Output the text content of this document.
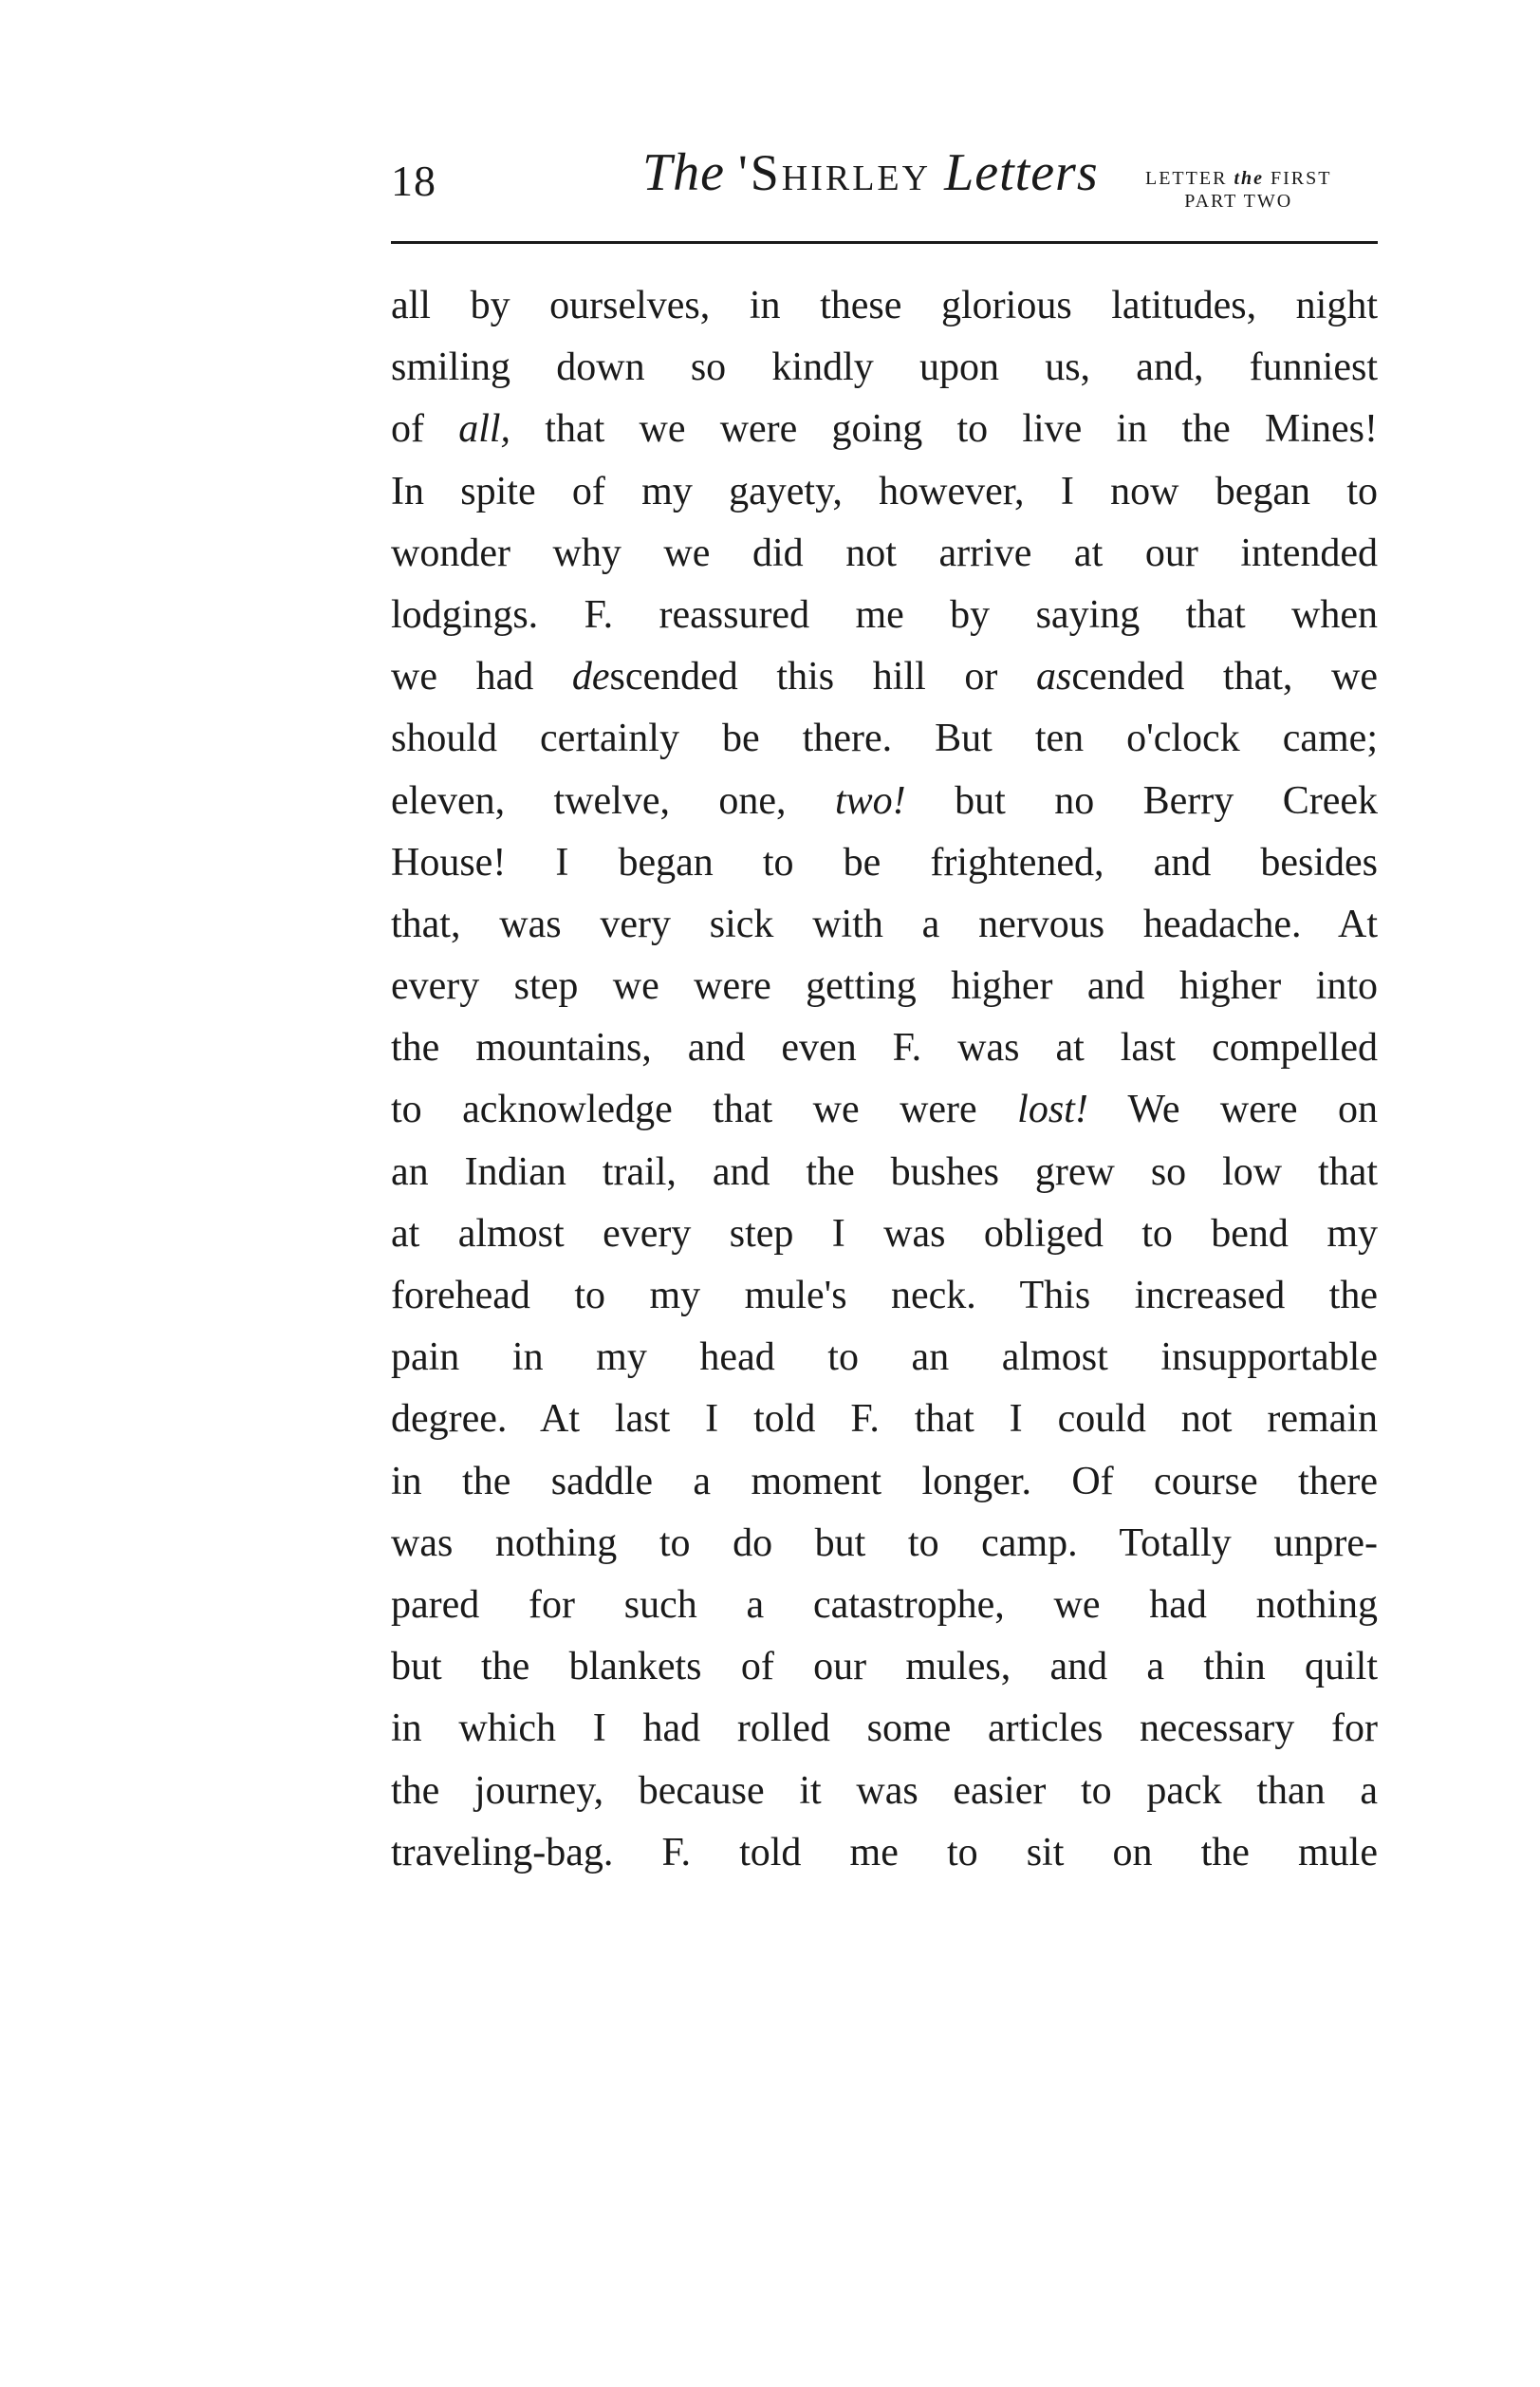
18	The 'Shirley Letters LETTER the FIRST
PART TWO
all by ourselves, in these glorious latitudes, night
smiling down so kindly upon us, and, funniest
of all, that we were going to live in the Mines!
In spite of my gayety, however, I now began to
wonder why we did not arrive at our intended
lodgings. F. reassured me by saying that when
we had descended this hill or ascended that, we
should certainly be there. But ten o'clock came;
eleven, twelve, one, two! but no Berry Creek
House! I began to be frightened, and besides
that, was very sick with a nervous headache. At
every step we were getting higher and higher into
the mountains, and even F. was at last compelled
to acknowledge that we were lost! We were on
an Indian trail, and the bushes grew so low that
at almost every step I was obliged to bend my
forehead to my mule's neck. This increased the
pain in my head to an almost insupportable
degree. At last I told F. that I could not remain
in the saddle a moment longer. Of course there
was nothing to do but to camp. Totally unpre-
pared for such a catastrophe, we had nothing
but the blankets of our mules, and a thin quilt
in which I had rolled some articles necessary for
the journey, because it was easier to pack than a
traveling-bag. F. told me to sit on the mule
